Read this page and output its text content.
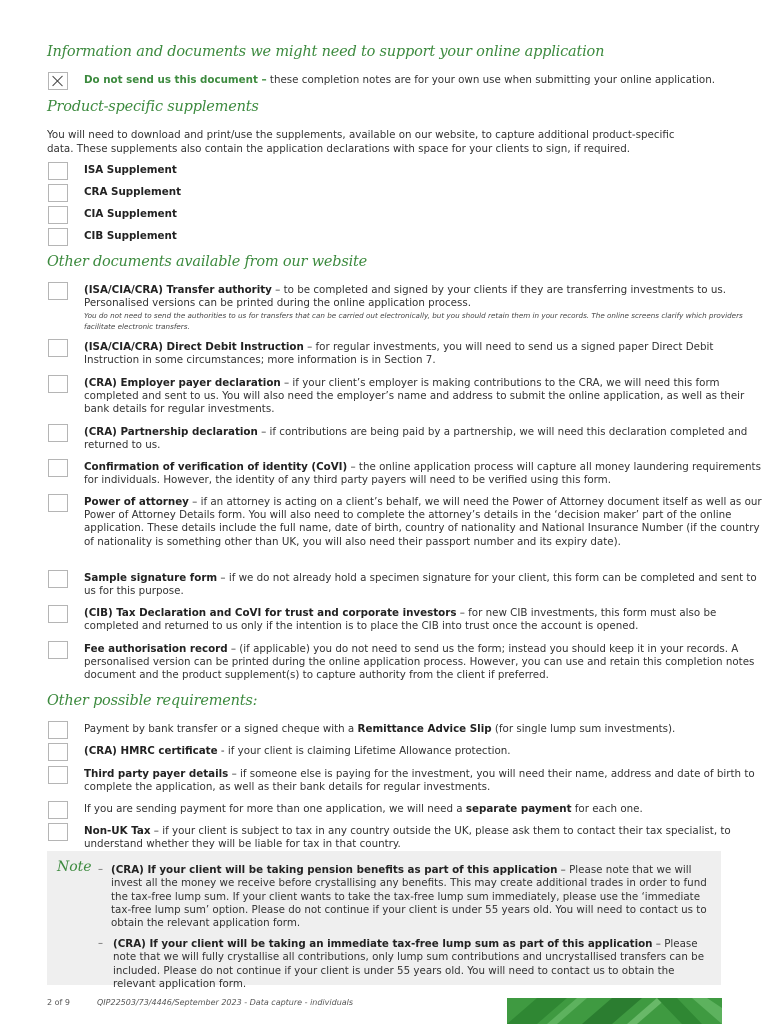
Information and documents we might need to support your online application
Do not send us this document – these completion notes are for your own use when submitting your online application.
Product-specific supplements
You will need to download and print/use the supplements, available on our website, to capture additional product-specific
data. These supplements also contain the application declarations with space for your clients to sign, if required.
ISA Supplement
CRA Supplement
CIA Supplement
CIB Supplement
Other documents available from our website
(ISA/CIA/CRA) Transfer authority – to be completed and signed by your clients if they are transferring investments to us. Personalised versions can be printed during the online application process.
You do not need to send the authorities to us for transfers that can be carried out electronically, but you should retain them in your records. The online screens clarify which providers facilitate electronic transfers.
(ISA/CIA/CRA) Direct Debit Instruction – for regular investments, you will need to send us a signed paper Direct Debit Instruction in some circumstances; more information is in Section 7.
(CRA) Employer payer declaration – if your client’s employer is making contributions to the CRA, we will need this form completed and sent to us. You will also need the employer’s name and address to submit the online application, as well as their bank details for regular investments.
(CRA) Partnership declaration – if contributions are being paid by a partnership, we will need this declaration completed and returned to us.
Confirmation of verification of identity (CoVI) – the online application process will capture all money laundering requirements for individuals. However, the identity of any third party payers will need to be verified using this form.
Power of attorney – if an attorney is acting on a client’s behalf, we will need the Power of Attorney document itself as well as our Power of Attorney Details form. You will also need to complete the attorney’s details in the ‘decision maker’ part of the online application. These details include the full name, date of birth, country of nationality and National Insurance Number (if the country of nationality is something other than UK, you will also need their passport number and its expiry date).
Sample signature form – if we do not already hold a specimen signature for your client, this form can be completed and sent to us for this purpose.
(CIB) Tax Declaration and CoVI for trust and corporate investors – for new CIB investments, this form must also be completed and returned to us only if the intention is to place the CIB into trust once the account is opened.
Fee authorisation record – (if applicable) you do not need to send us the form; instead you should keep it in your records. A personalised version can be printed during the online application process. However, you can use and retain this completion notes document and the product supplement(s) to capture authority from the client if preferred.
Other possible requirements:
Payment by bank transfer or a signed cheque with a Remittance Advice Slip (for single lump sum investments).
(CRA) HMRC certificate - if your client is claiming Lifetime Allowance protection.
Third party payer details – if someone else is paying for the investment, you will need their name, address and date of birth to complete the application, as well as their bank details for regular investments.
If you are sending payment for more than one application, we will need a separate payment for each one.
Non-UK Tax – if your client is subject to tax in any country outside the UK, please ask them to contact their tax specialist, to understand whether they will be liable for tax in that country.
Note – (CRA) If your client will be taking pension benefits as part of this application – Please note that we will invest all the money we receive before crystallising any benefits. This may create additional trades in order to fund the tax-free lump sum. If your client wants to take the tax-free lump sum immediately, please use the ‘immediate tax-free lump sum’ option. Please do not continue if your client is under 55 years old. You will need to contact us to obtain the relevant application form.
– (CRA) If your client will be taking an immediate tax-free lump sum as part of this application – Please note that we will fully crystallise all contributions, only lump sum contributions and uncrystallised transfers can be included. Please do not continue if your client is under 55 years old. You will need to contact us to obtain the relevant application form.
2 of 9	QIP22503/73/4446/September 2023 - Data capture - individuals
